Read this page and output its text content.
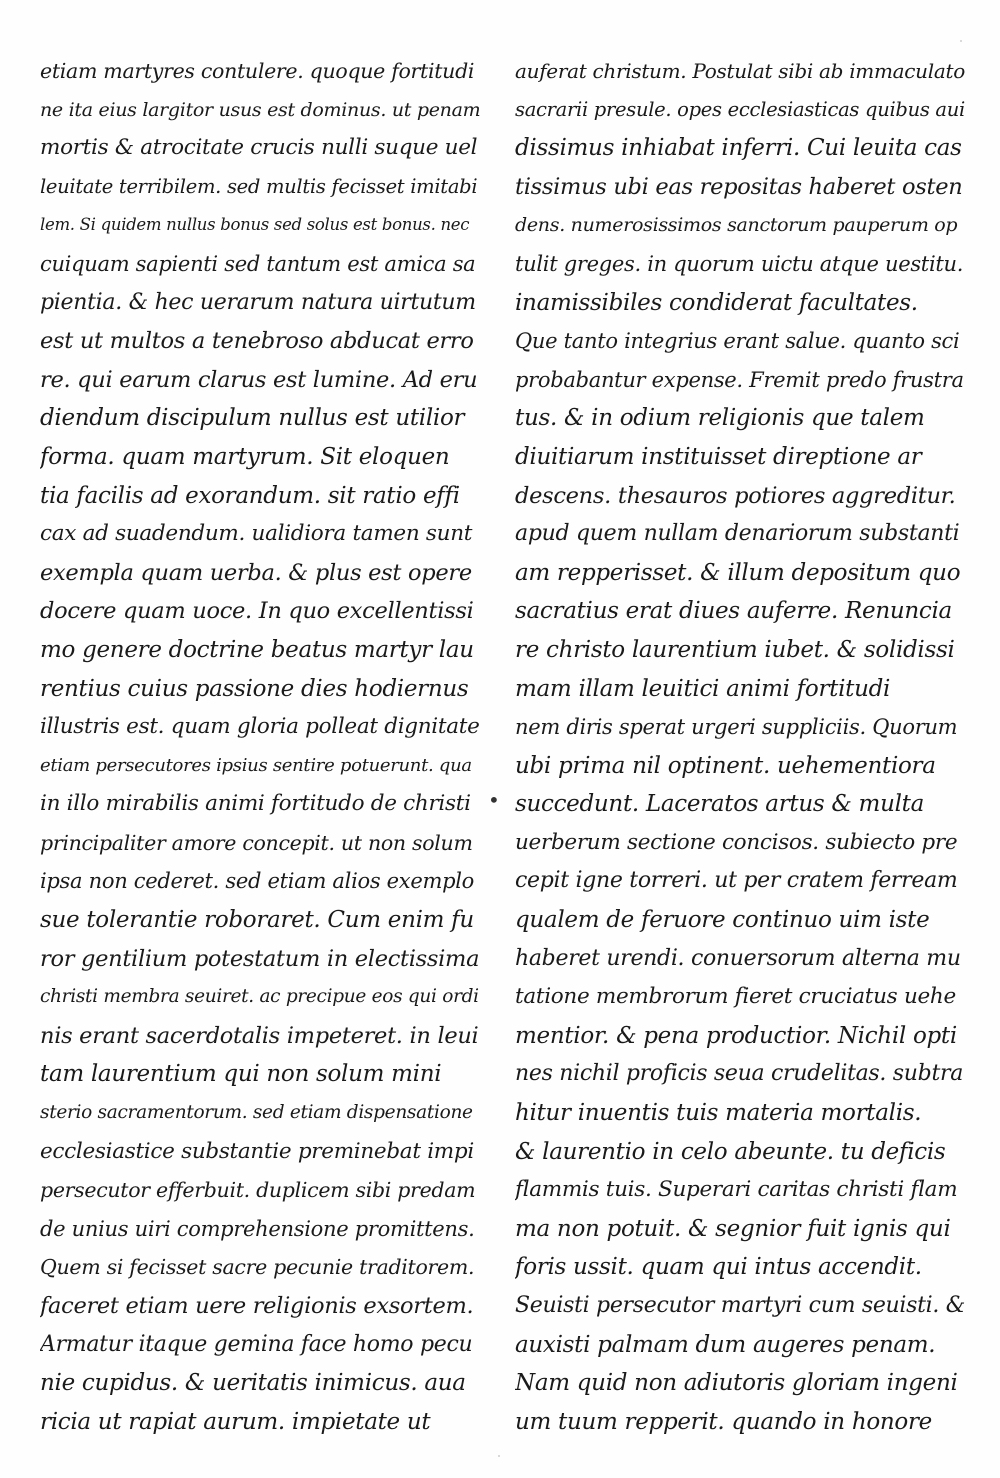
etiam martyres contulere. quoque fortitudi
ne ita eius largitor usus est dominus. ut penam
mortis & atrocitate crucis nulli suque uel
leuitate terribilem. sed multis fecisset imitabi
lem. Si quidem nullus bonus sed solus est bonus. nec
cuiquam sapienti sed tantum est amica sa
pientia. & hec uerarum natura uirtutum
est ut multos a tenebroso abducat erro
re. qui earum clarus est lumine. Ad eru
diendum discipulum nullus est utilior
forma. quam martyrum. Sit eloquen
tia facilis ad exorandum. sit ratio effi
cax ad suadendum. ualidiora tamen sunt
exempla quam uerba. & plus est opere
docere quam uoce. In quo excellentissi
mo genere doctrine beatus martyr lau
rentius cuius passione dies hodiernus
illustris est. quam gloria polleat dignitate
etiam persecutores ipsius sentire potuerunt. qua
in illo mirabilis animi fortitudo de christi
principaliter amore concepit. ut non solum
ipsa non cederet. sed etiam alios exemplo
sue tolerantie roboraret. Cum enim fu
ror gentilium potestatum in electissima
christi membra seuiret. ac precipue eos qui ordi
nis erant sacerdotalis impeteret. in leui
tam laurentium qui non solum mini
sterio sacramentorum. sed etiam dispensatione
ecclesiastice substantie preminebat impi
persecutor efferbuit. duplicem sibi predam
de unius uiri comprehensione promittens.
Quem si fecisset sacre pecunie traditorem.
faceret etiam uere religionis exsortem.
Armatur itaque gemina face homo pecu
nie cupidus. & ueritatis inimicus. aua
ricia ut rapiat aurum. impietate ut
auferat christum. Postulat sibi ab immaculato
sacrarii presule. opes ecclesiasticas quibus aui
dissimus inhiabat inferri. Cui leuita cas
tissimus ubi eas repositas haberet osten
dens. numerosissimos sanctorum pauperum op
tulit greges. in quorum uictu atque uestitu.
inamissibiles condiderat facultates.
Que tanto integrius erant salue. quanto sci
probabantur expense. Fremit predo frustra
tus. & in odium religionis que talem
diuitiarum instituisset direptione ar
descens. thesauros potiores aggreditur.
apud quem nullam denariorum substanti
am repperisset. & illum depositum quo
sacratius erat diues auferre. Renuncia
re christo laurentium iubet. & solidissi
mam illam leuitici animi fortitudi
nem diris sperat urgeri suppliciis. Quorum
ubi prima nil optinent. uehementiora
succedunt. Laceratos artus & multa
uerberum sectione concisos. subiecto pre
cepit igne torreri. ut per cratem ferream
qualem de feruore continuo uim iste
haberet urendi. conuersorum alterna mu
tatione membrorum fieret cruciatus uehe
mentior. & pena productior. Nichil opti
nes nichil proficis seua crudelitas. subtra
hitur inuentis tuis materia mortalis.
& laurentio in celo abeunte. tu deficis
flammis tuis. Superari caritas christi flam
ma non potuit. & segnior fuit ignis qui
foris ussit. quam qui intus accendit.
Seuisti persecutor martyri cum seuisti. &
auxisti palmam dum augeres penam.
Nam quid non adiutoris gloriam ingeni
um tuum repperit. quando in honore
•
